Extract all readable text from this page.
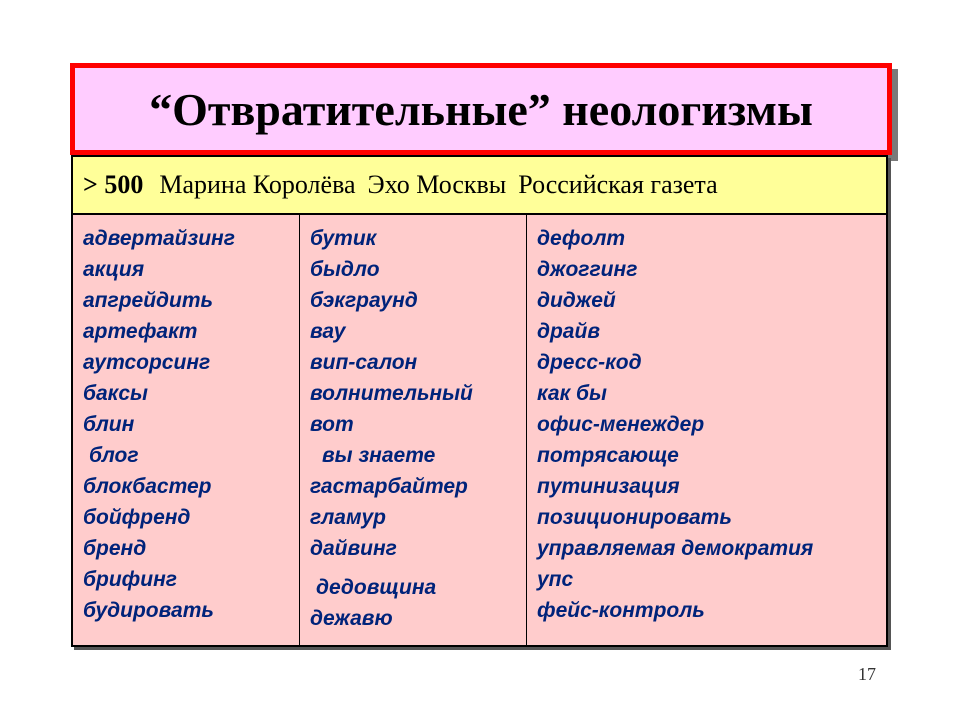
“Отвратительные” неологизмы
> 500 Марина Королёва Эхо Москвы Российская газета
адвертайзинг
акция
апгрейдить
артефакт
аутсорсинг
баксы
блин
блог
блокбастер
бойфренд
бренд
брифинг
будировать
бутик
быдло
бэкграунд
вау
вип-салон
волнительный
вот
вы знаете
гастарбайтер
гламур
дайвинг
дедовщина
дежавю
дефолт
джоггинг
диджей
драйв
дресс-код
как бы
офис-менеждер
потрясающе
путинизация
позиционировать
управляемая демократия
упс
фейс-контроль
17
